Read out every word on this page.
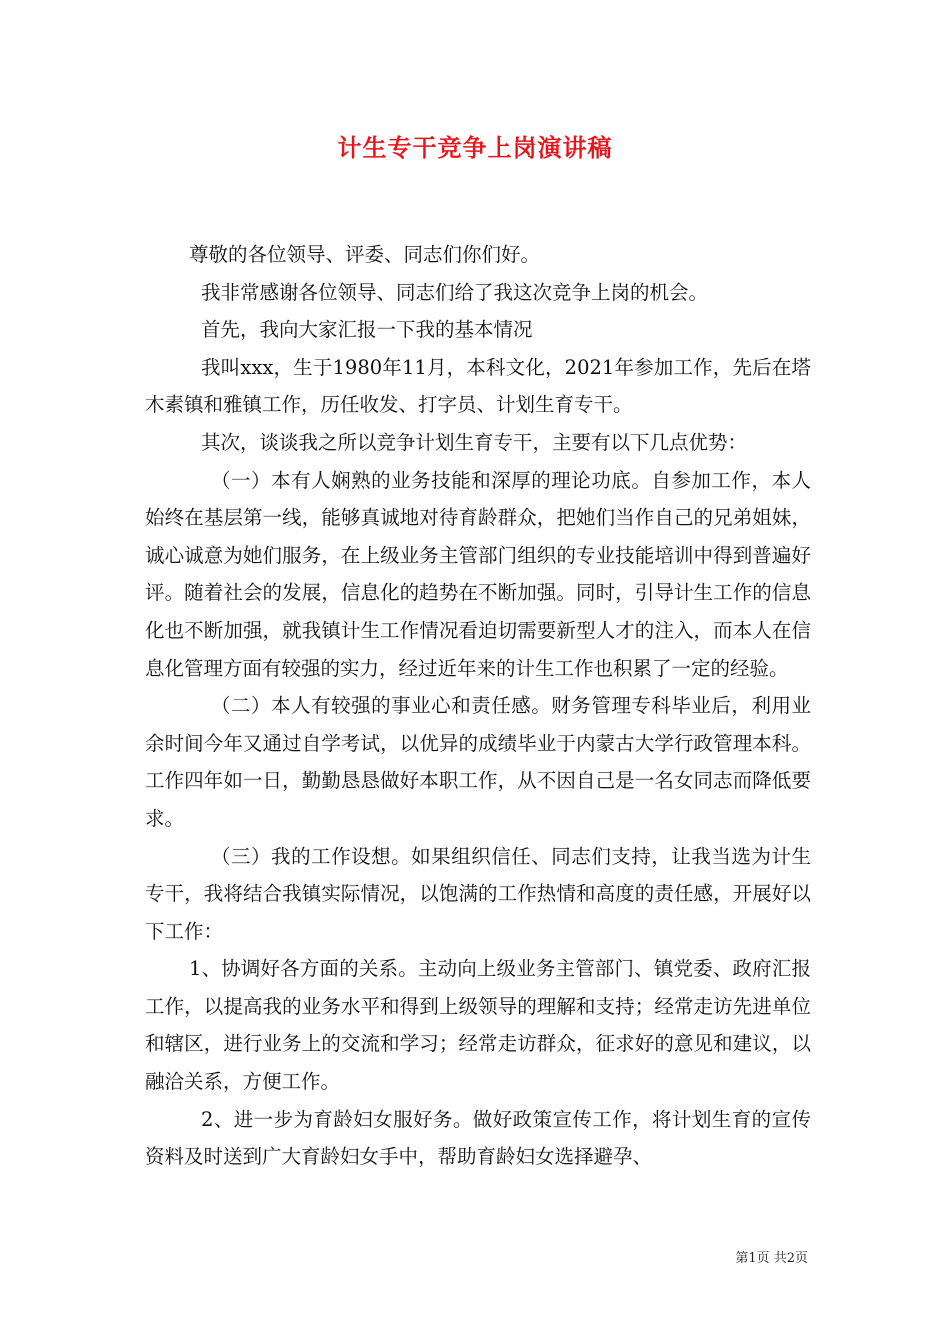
计生专干竞争上岗演讲稿

尊敬的各位领导、评委、同志们你们好。

我非常感谢各位领导、同志们给了我这次竞争上岗的机会。

首先，我向大家汇报一下我的基本情况

我叫xxx，生于1980年11月，本科文化，2021年参加工作，先后在塔木素镇和雅镇工作，历任收发、打字员、计划生育专干。

其次，谈谈我之所以竞争计划生育专干，主要有以下几点优势：

（一）本有人娴熟的业务技能和深厚的理论功底。自参加工作，本人始终在基层第一线，能够真诚地对待育龄群众，把她们当作自己的兄弟姐妹，诚心诚意为她们服务，在上级业务主管部门组织的专业技能培训中得到普遍好评。随着社会的发展，信息化的趋势在不断加强。同时，引导计生工作的信息化也不断加强，就我镇计生工作情况看迫切需要新型人才的注入，而本人在信息化管理方面有较强的实力，经过近年来的计生工作也积累了一定的经验。

（二）本人有较强的事业心和责任感。财务管理专科毕业后，利用业余时间今年又通过自学考试，以优异的成绩毕业于内蒙古大学行政管理本科。工作四年如一日，勤勤恳恳做好本职工作，从不因自己是一名女同志而降低要求。

（三）我的工作设想。如果组织信任、同志们支持，让我当选为计生专干，我将结合我镇实际情况，以饱满的工作热情和高度的责任感，开展好以下工作：

1、协调好各方面的关系。主动向上级业务主管部门、镇党委、政府汇报工作，以提高我的业务水平和得到上级领导的理解和支持；经常走访先进单位和辖区，进行业务上的交流和学习；经常走访群众，征求好的意见和建议，以融洽关系，方便工作。

2、进一步为育龄妇女服好务。做好政策宣传工作，将计划生育的宣传资料及时送到广大育龄妇女手中，帮助育龄妇女选择避孕、

第1页 共2页
